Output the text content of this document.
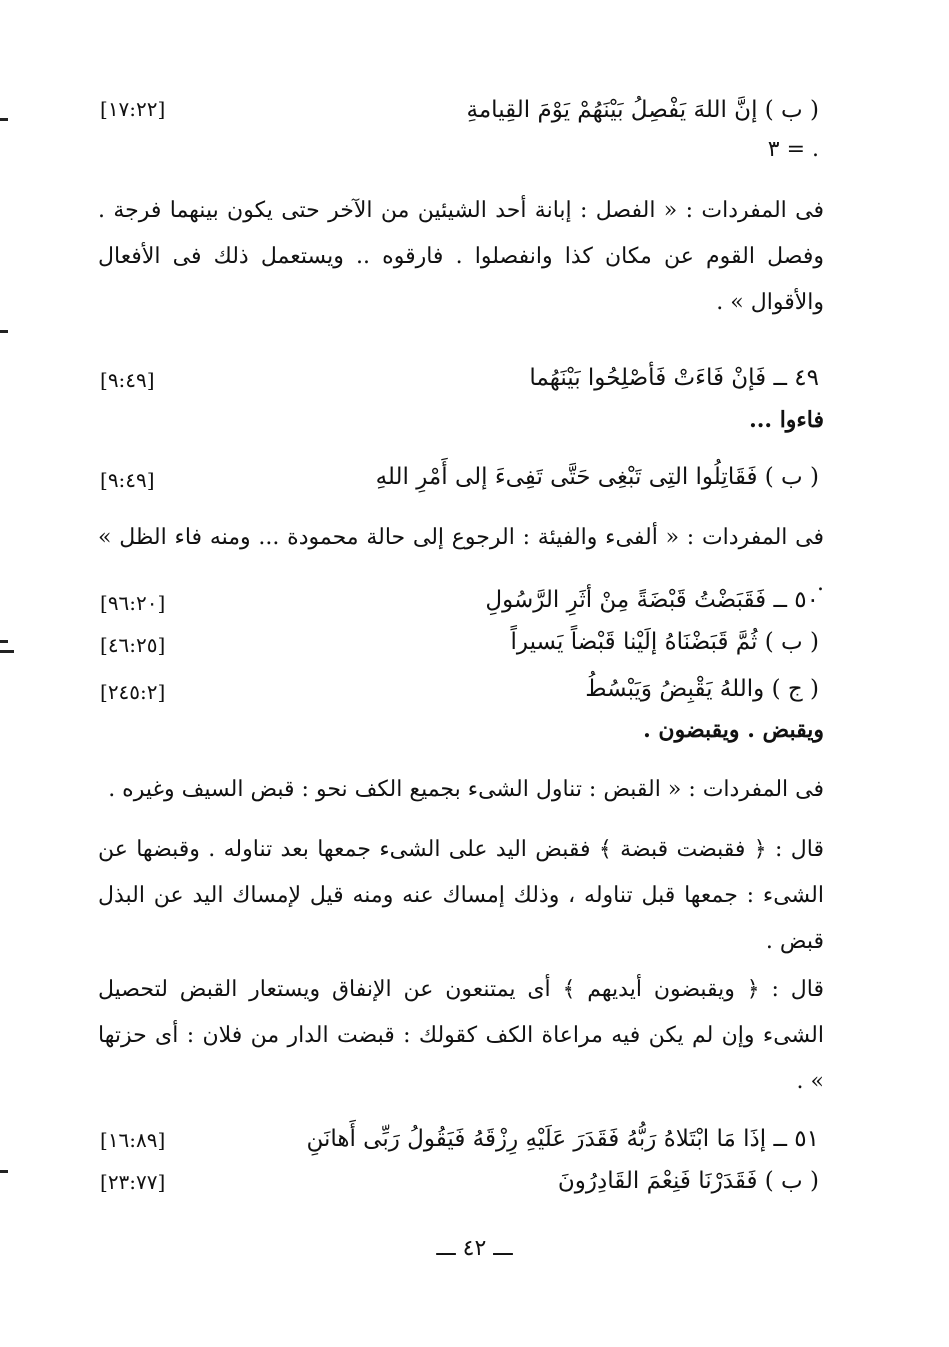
( ب ) إنَّ اللهَ يَفْصِلُ بَيْنَهُمْ يَوْمَ القِيامةِ
[١٧:٢٢]
٣ = .
فى المفردات : « الفصل : إبانة أحد الشيئين من الآخر حتى يكون بينهما فرجة . وفصل القوم عن مكان كذا وانفصلوا . فارقوه .. ويستعمل ذلك فى الأفعال والأقوال » .
٤٩ ــ فَإنْ فَاءَتْ فَأصْلِحُوا بَيْنَهُما
[٩:٤٩]
فاءوا ...
( ب ) فَقَاتِلُوا التِى تَبْغِى حَتَّى تَفِىءَ إلى أَمْرِ اللهِ
[٩:٤٩]
فى المفردات : « ألفىء والفيئة : الرجوع إلى حالة محمودة ... ومنه فاء الظل » .
٥٠ ــ فَقَبَضْتُ قَبْضَةً مِنْ أثَرِ الرَّسُولِ
[٩٦:٢٠]
( ب ) ثُمَّ قَبَضْنَاهُ إلَيْنا قَبْضاً يَسيراً
[٤٦:٢٥]
( ج ) واللهُ يَقْبِضُ وَيَبْسُطُ
[٢٤٥:٢]
ويقبض . ويقبضون .
فى المفردات : « القبض : تناول الشىء بجميع الكف نحو : قبض السيف وغيره .
قال : ﴿ فقبضت قبضة ﴾ فقبض اليد على الشىء جمعها بعد تناوله . وقبضها عن الشىء : جمعها قبل تناوله ، وذلك إمساك عنه ومنه قيل لإمساك اليد عن البذل قبض .
قال : ﴿ ويقبضون أيديهم ﴾ أى يمتنعون عن الإنفاق ويستعار القبض لتحصيل الشىء وإن لم يكن فيه مراعاة الكف كقولك : قبضت الدار من فلان : أى حزتها » .
٥١ ــ إذَا مَا ابْتَلاهُ رَبُّهُ فَقَدَرَ عَلَيْهِ رِزْقَهُ فَيَقُولُ رَبِّى أَهانَنِ
[١٦:٨٩]
( ب ) فَقَدَرْنَا فَنِعْمَ القَادِرُونَ
[٢٣:٧٧]
ـــ ٤٢ ـــ
